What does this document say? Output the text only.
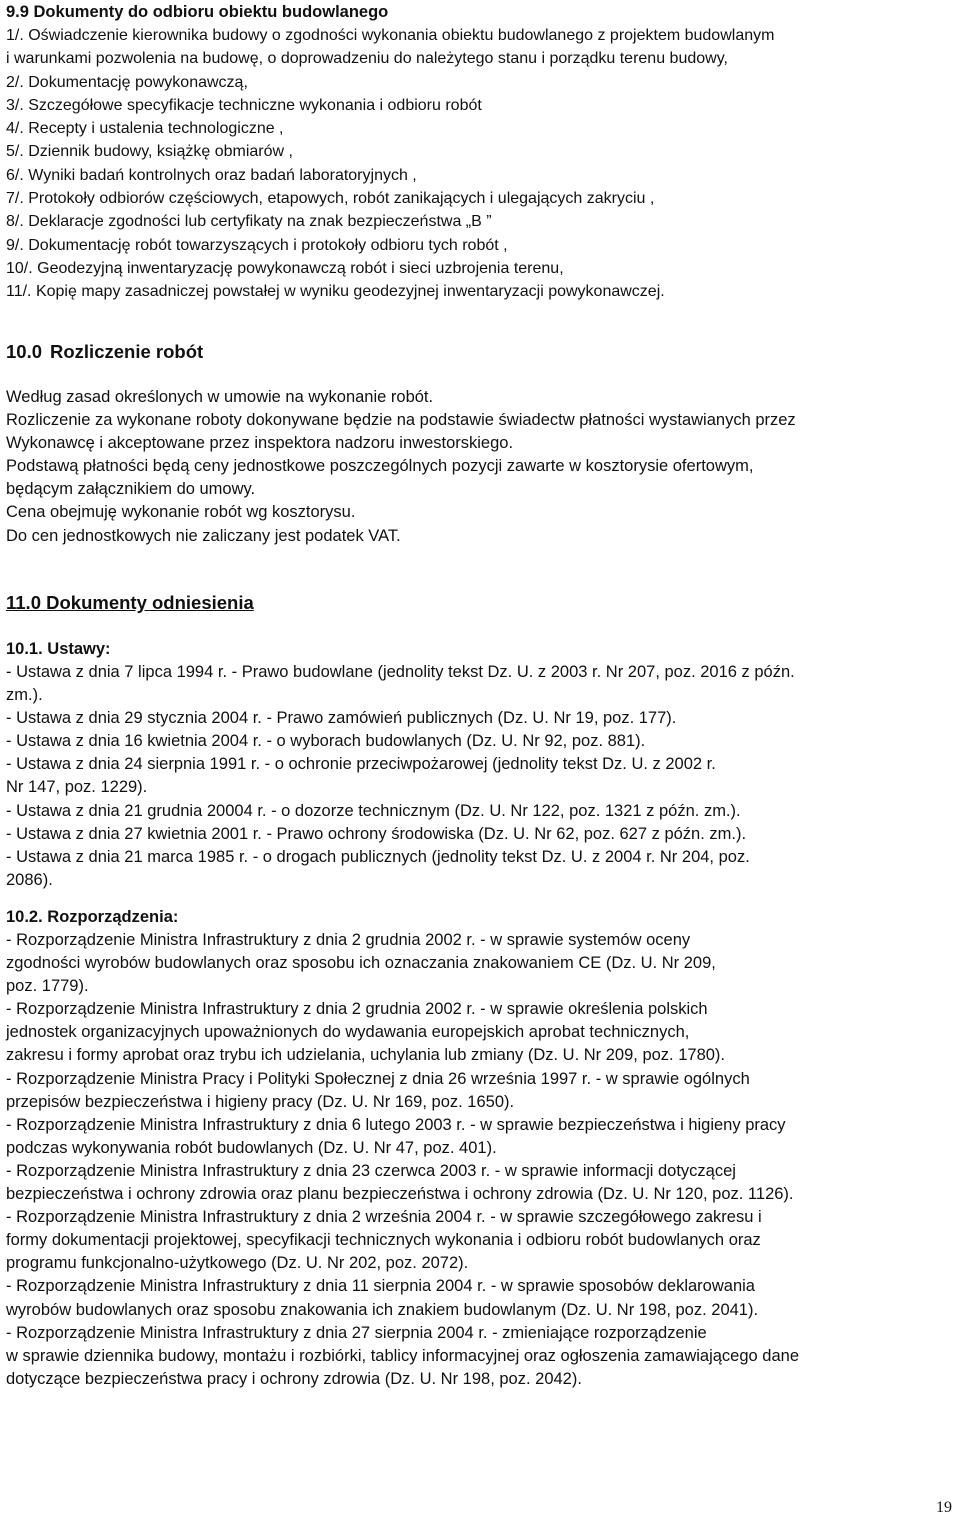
9.9 Dokumenty do odbioru obiektu budowlanego
1/. Oświadczenie kierownika budowy o zgodności wykonania obiektu budowlanego z projektem budowlanym
i warunkami pozwolenia na budowę, o doprowadzeniu do należytego stanu i porządku terenu budowy,
2/. Dokumentację powykonawczą,
3/. Szczegółowe specyfikacje techniczne wykonania i odbioru robót
4/. Recepty i ustalenia technologiczne ,
5/. Dziennik budowy, książkę obmiarów ,
6/. Wyniki badań kontrolnych oraz badań laboratoryjnych ,
7/. Protokoły odbiorów częściowych, etapowych, robót zanikających i ulegających zakryciu ,
8/. Deklaracje zgodności lub certyfikaty na znak bezpieczeństwa „B ”
9/. Dokumentację robót towarzyszących i protokoły odbioru tych robót ,
10/. Geodezyjną inwentaryzację powykonawczą robót i sieci uzbrojenia terenu,
11/. Kopię mapy zasadniczej powstałej w wyniku geodezyjnej inwentaryzacji powykonawczej.
10.0 Rozliczenie robót
Według zasad określonych w umowie na wykonanie robót.
Rozliczenie za wykonane roboty dokonywane będzie na podstawie świadectw płatności wystawianych przez
Wykonawcę i akceptowane przez inspektora nadzoru inwestorskiego.
Podstawą płatności będą ceny jednostkowe poszczególnych pozycji zawarte w kosztorysie ofertowym,
będącym załącznikiem do umowy.
Cena obejmuję wykonanie robót wg kosztorysu.
Do cen jednostkowych nie zaliczany jest podatek VAT.
11.0 Dokumenty odniesienia
10.1. Ustawy:
- Ustawa z dnia 7 lipca 1994 r. - Prawo budowlane (jednolity tekst Dz. U. z 2003 r. Nr 207, poz. 2016 z późn.
zm.).
- Ustawa z dnia 29 stycznia 2004 r. - Prawo zamówień publicznych (Dz. U. Nr 19, poz. 177).
- Ustawa z dnia 16 kwietnia 2004 r. - o wyborach budowlanych (Dz. U. Nr 92, poz. 881).
- Ustawa z dnia 24 sierpnia 1991 r. - o ochronie przeciwpożarowej (jednolity tekst Dz. U. z 2002 r.
Nr 147, poz. 1229).
- Ustawa z dnia 21 grudnia 20004 r. - o dozorze technicznym (Dz. U. Nr 122, poz. 1321 z późn. zm.).
- Ustawa z dnia 27 kwietnia 2001 r. - Prawo ochrony środowiska (Dz. U. Nr 62, poz. 627 z późn. zm.).
- Ustawa z dnia 21 marca 1985 r. - o drogach publicznych (jednolity tekst Dz. U. z 2004 r. Nr 204, poz.
2086).
10.2. Rozporządzenia:
- Rozporządzenie Ministra Infrastruktury z dnia 2 grudnia 2002 r. - w sprawie systemów oceny
zgodności wyrobów budowlanych oraz sposobu ich oznaczania znakowaniem CE (Dz. U. Nr 209,
poz. 1779).
- Rozporządzenie Ministra Infrastruktury z dnia 2 grudnia 2002 r. - w sprawie określenia polskich
jednostek organizacyjnych upoważnionych do wydawania europejskich aprobat technicznych,
zakresu i formy aprobat oraz trybu ich udzielania, uchylania lub zmiany (Dz. U. Nr 209, poz. 1780).
- Rozporządzenie Ministra Pracy i Polityki Społecznej z dnia 26 września 1997 r. - w sprawie ogólnych
przepisów bezpieczeństwa i higieny pracy (Dz. U. Nr 169, poz. 1650).
- Rozporządzenie Ministra Infrastruktury z dnia 6 lutego 2003 r. - w sprawie bezpieczeństwa i higieny pracy
podczas wykonywania robót budowlanych (Dz. U. Nr 47, poz. 401).
- Rozporządzenie Ministra Infrastruktury z dnia 23 czerwca 2003 r. - w sprawie informacji dotyczącej
bezpieczeństwa i ochrony zdrowia oraz planu bezpieczeństwa i ochrony zdrowia (Dz. U. Nr 120, poz. 1126).
- Rozporządzenie Ministra Infrastruktury z dnia 2 września 2004 r. - w sprawie szczegółowego zakresu i
formy dokumentacji projektowej, specyfikacji technicznych wykonania i odbioru robót budowlanych oraz
programu funkcjonalno-użytkowego (Dz. U. Nr 202, poz. 2072).
- Rozporządzenie Ministra Infrastruktury z dnia 11 sierpnia 2004 r. - w sprawie sposobów deklarowania
wyrobów budowlanych oraz sposobu znakowania ich znakiem budowlanym (Dz. U. Nr 198, poz. 2041).
- Rozporządzenie Ministra Infrastruktury z dnia 27 sierpnia 2004 r. - zmieniające rozporządzenie
w sprawie dziennika budowy, montażu i rozbiórki, tablicy informacyjnej oraz ogłoszenia zamawiającego dane
dotyczące bezpieczeństwa pracy i ochrony zdrowia (Dz. U. Nr 198, poz. 2042).
19
